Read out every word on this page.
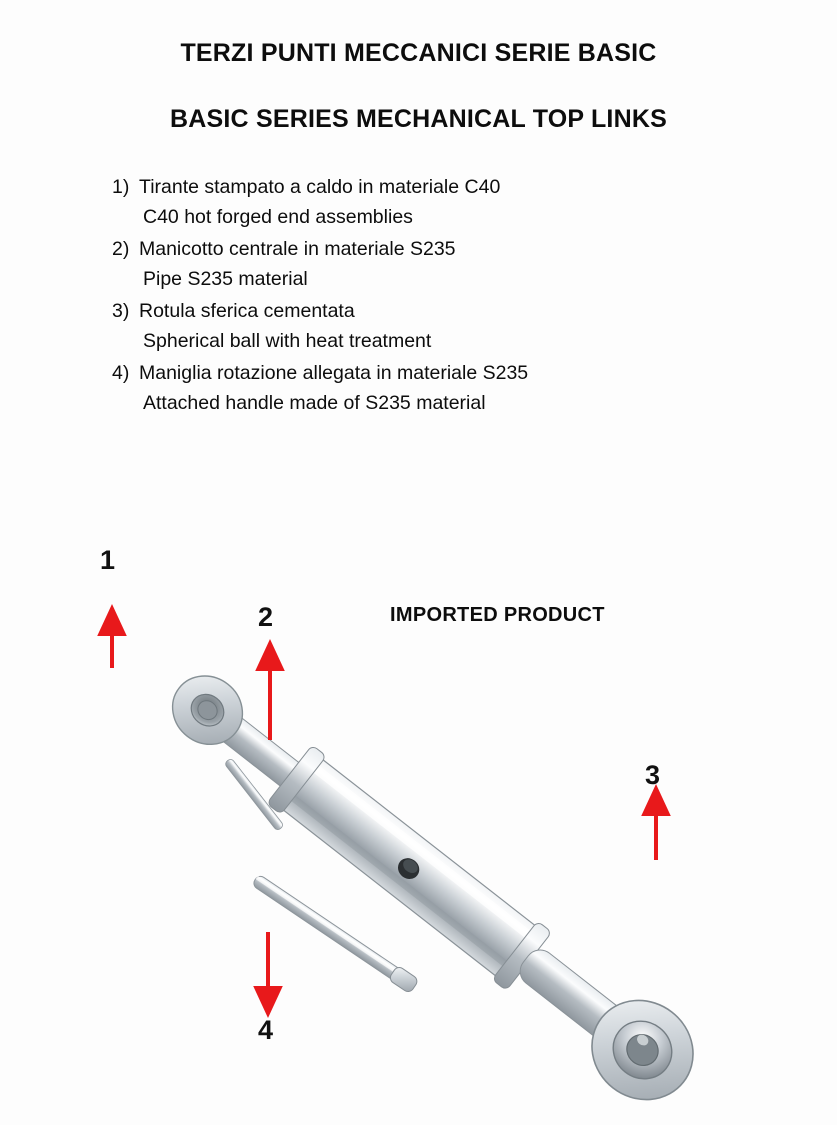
TERZI PUNTI MECCANICI SERIE BASIC
BASIC SERIES MECHANICAL TOP LINKS
1) Tirante stampato a caldo in materiale C40
C40 hot forged end assemblies
2) Manicotto centrale in materiale S235
Pipe S235 material
3) Rotula sferica cementata
Spherical ball with heat treatment
4) Maniglia rotazione allegata in materiale S235
Attached handle made of S235 material
IMPORTED PRODUCT
1
2
3
4
